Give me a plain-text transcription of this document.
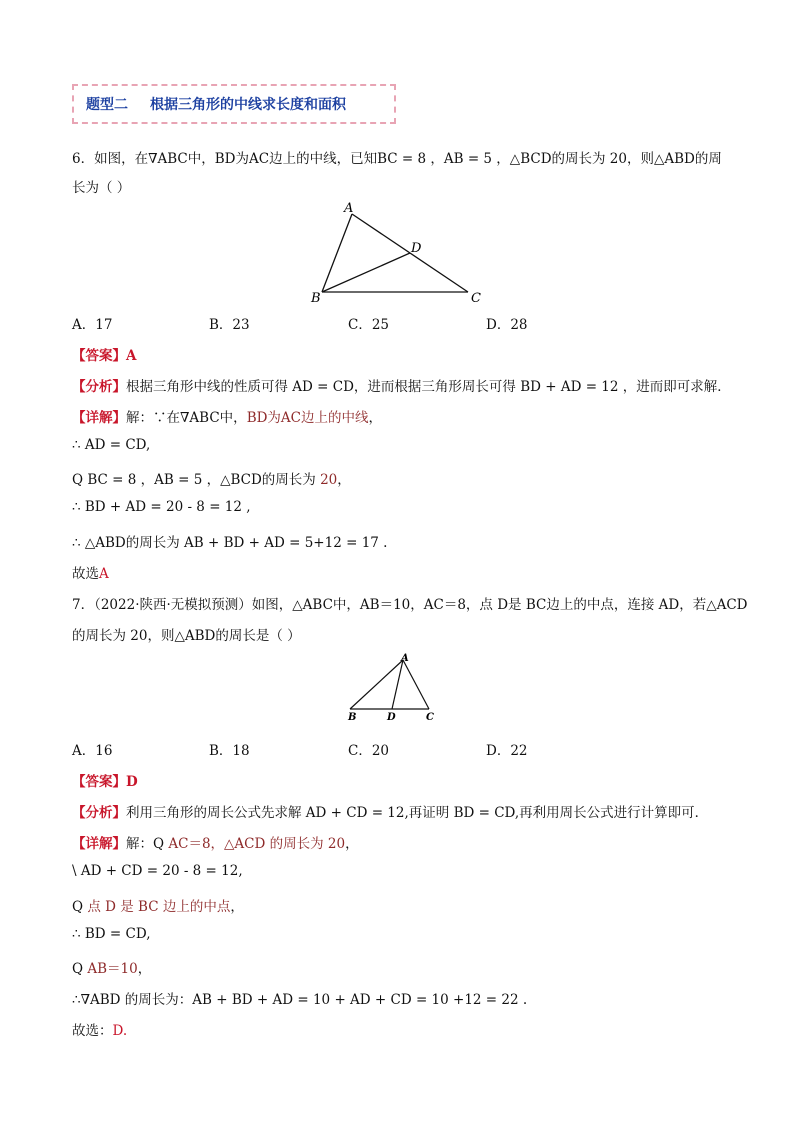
题型二 根据三角形的中线求长度和面积
6．如图，在∇ABC中，BD为AC边上的中线，已知BC = 8 ，AB = 5 ，△BCD的周长为 20，则△ABD的周
长为（ ）
A
D
B	C
A．17	B．23	C．25	D．28
【答案】A
【分析】根据三角形中线的性质可得 AD = CD，进而根据三角形周长可得 BD + AD = 12 ，进而即可求解．
【详解】解：∵在∇ABC中，BD为AC边上的中线，
∴ AD = CD,
Q BC = 8 ，AB = 5 ，△BCD的周长为 20，
∴ BD + AD = 20 - 8 = 12 ,
∴ △ABD的周长为 AB + BD + AD = 5+12 = 17 .
故选A
7．（2022·陕西·无模拟预测）如图，△ABC中，AB＝10，AC＝8，点 D是 BC边上的中点，连接 AD，若△ACD
的周长为 20，则△ABD的周长是（ ）
A
B	D	C
A．16	B．18	C．20	D．22
【答案】D
【分析】利用三角形的周长公式先求解 AD + CD = 12,再证明 BD = CD,再利用周长公式进行计算即可．
【详解】解：Q AC＝8，△ACD 的周长为 20，
\ AD + CD = 20 - 8 = 12,
Q 点 D 是 BC 边上的中点，
∴ BD = CD,
Q AB＝10，
∴∇ABD 的周长为：AB + BD + AD = 10 + AD + CD = 10 +12 = 22 .
故选：D.
